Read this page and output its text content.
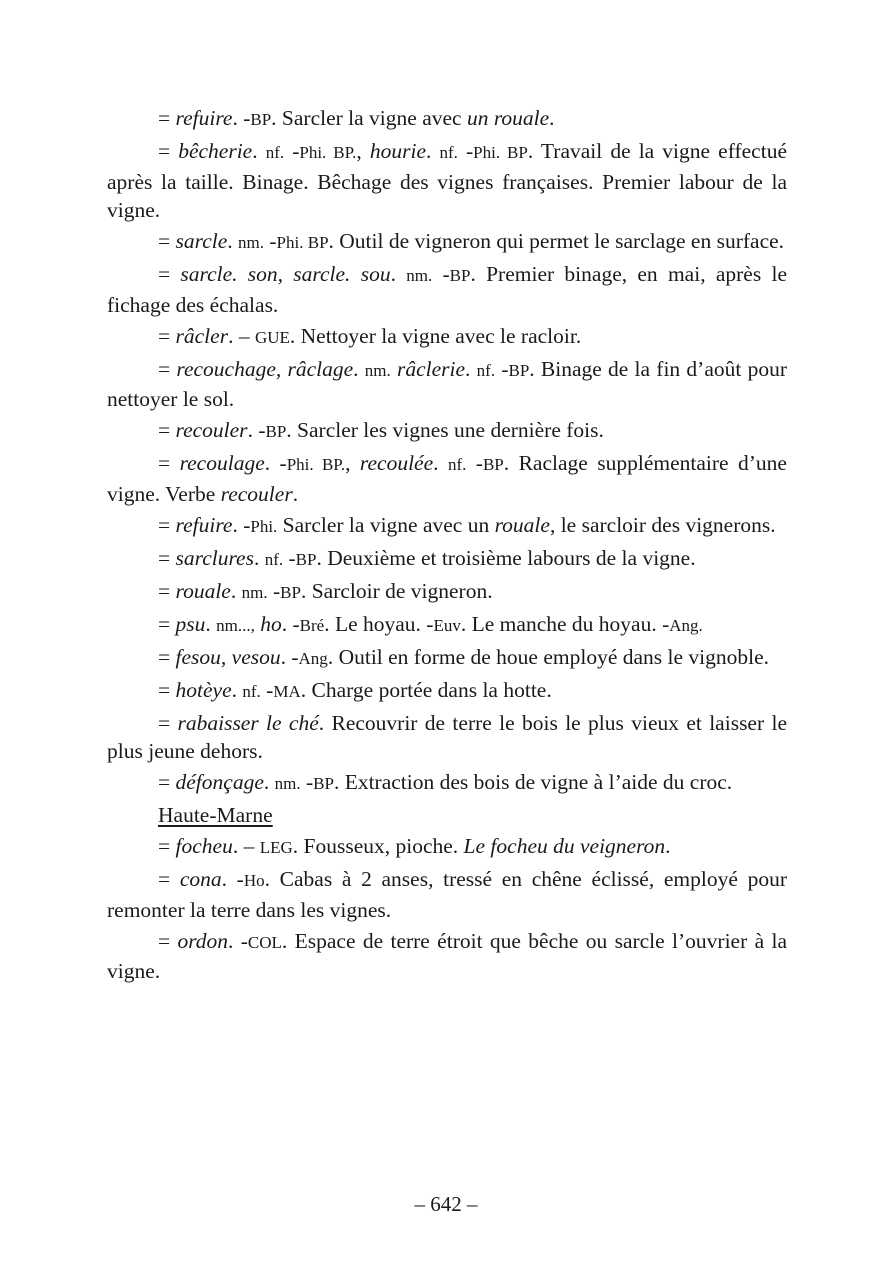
= refuire. -BP. Sarcler la vigne avec un roualе.

= bêcherie. nf. -Phi. BP., hourie. nf. -Phi. BP. Travail de la vigne effectué après la taille. Binage. Bêchage des vignes françaises. Premier labour de la vigne.

= sarcle. nm. -Phi. BP. Outil de vigneron qui permet le sarclage en surface.

= sarcle. son, sarcle. sou. nm. -BP. Premier binage, en mai, après le fichage des échalas.

= râcler. – GUE. Nettoyer la vigne avec le racloir.

= recouchage, râclage. nm. râclerie. nf. -BP. Binage de la fin d’août pour nettoyer le sol.

= recouler. -BP. Sarcler les vignes une dernière fois.

= recoulage. -Phi. BP., recoulée. nf. -BP. Raclage supplémentaire d’une vigne. Verbe recouler.

= refuire. -Phi. Sarcler la vigne avec un rouale, le sarcloir des vignerons.

= sarclures. nf. -BP. Deuxième et troisième labours de la vigne.

= rouale. nm. -BP. Sarcloir de vigneron.

= psu. nm..., ho. -Bré. Le hoyau. -Euv. Le manche du hoyau. -Ang.

= fesou, vesou. -Ang. Outil en forme de houe employé dans le vignoble.

= hotèye. nf. -MA. Charge portée dans la hotte.

= rabaisser le ché. Recouvrir de terre le bois le plus vieux et laisser le plus jeune dehors.

= défonçage. nm. -BP. Extraction des bois de vigne à l’aide du croc.

Haute-Marne

= focheu. – LEG. Fousseux, pioche. Le focheu du veigneron.

= cona. -Ho. Cabas à 2 anses, tressé en chêne éclissé, employé pour remonter la terre dans les vignes.

= ordon. -COL. Espace de terre étroit que bêche ou sarcle l’ouvrier à la vigne.

– 642 –
